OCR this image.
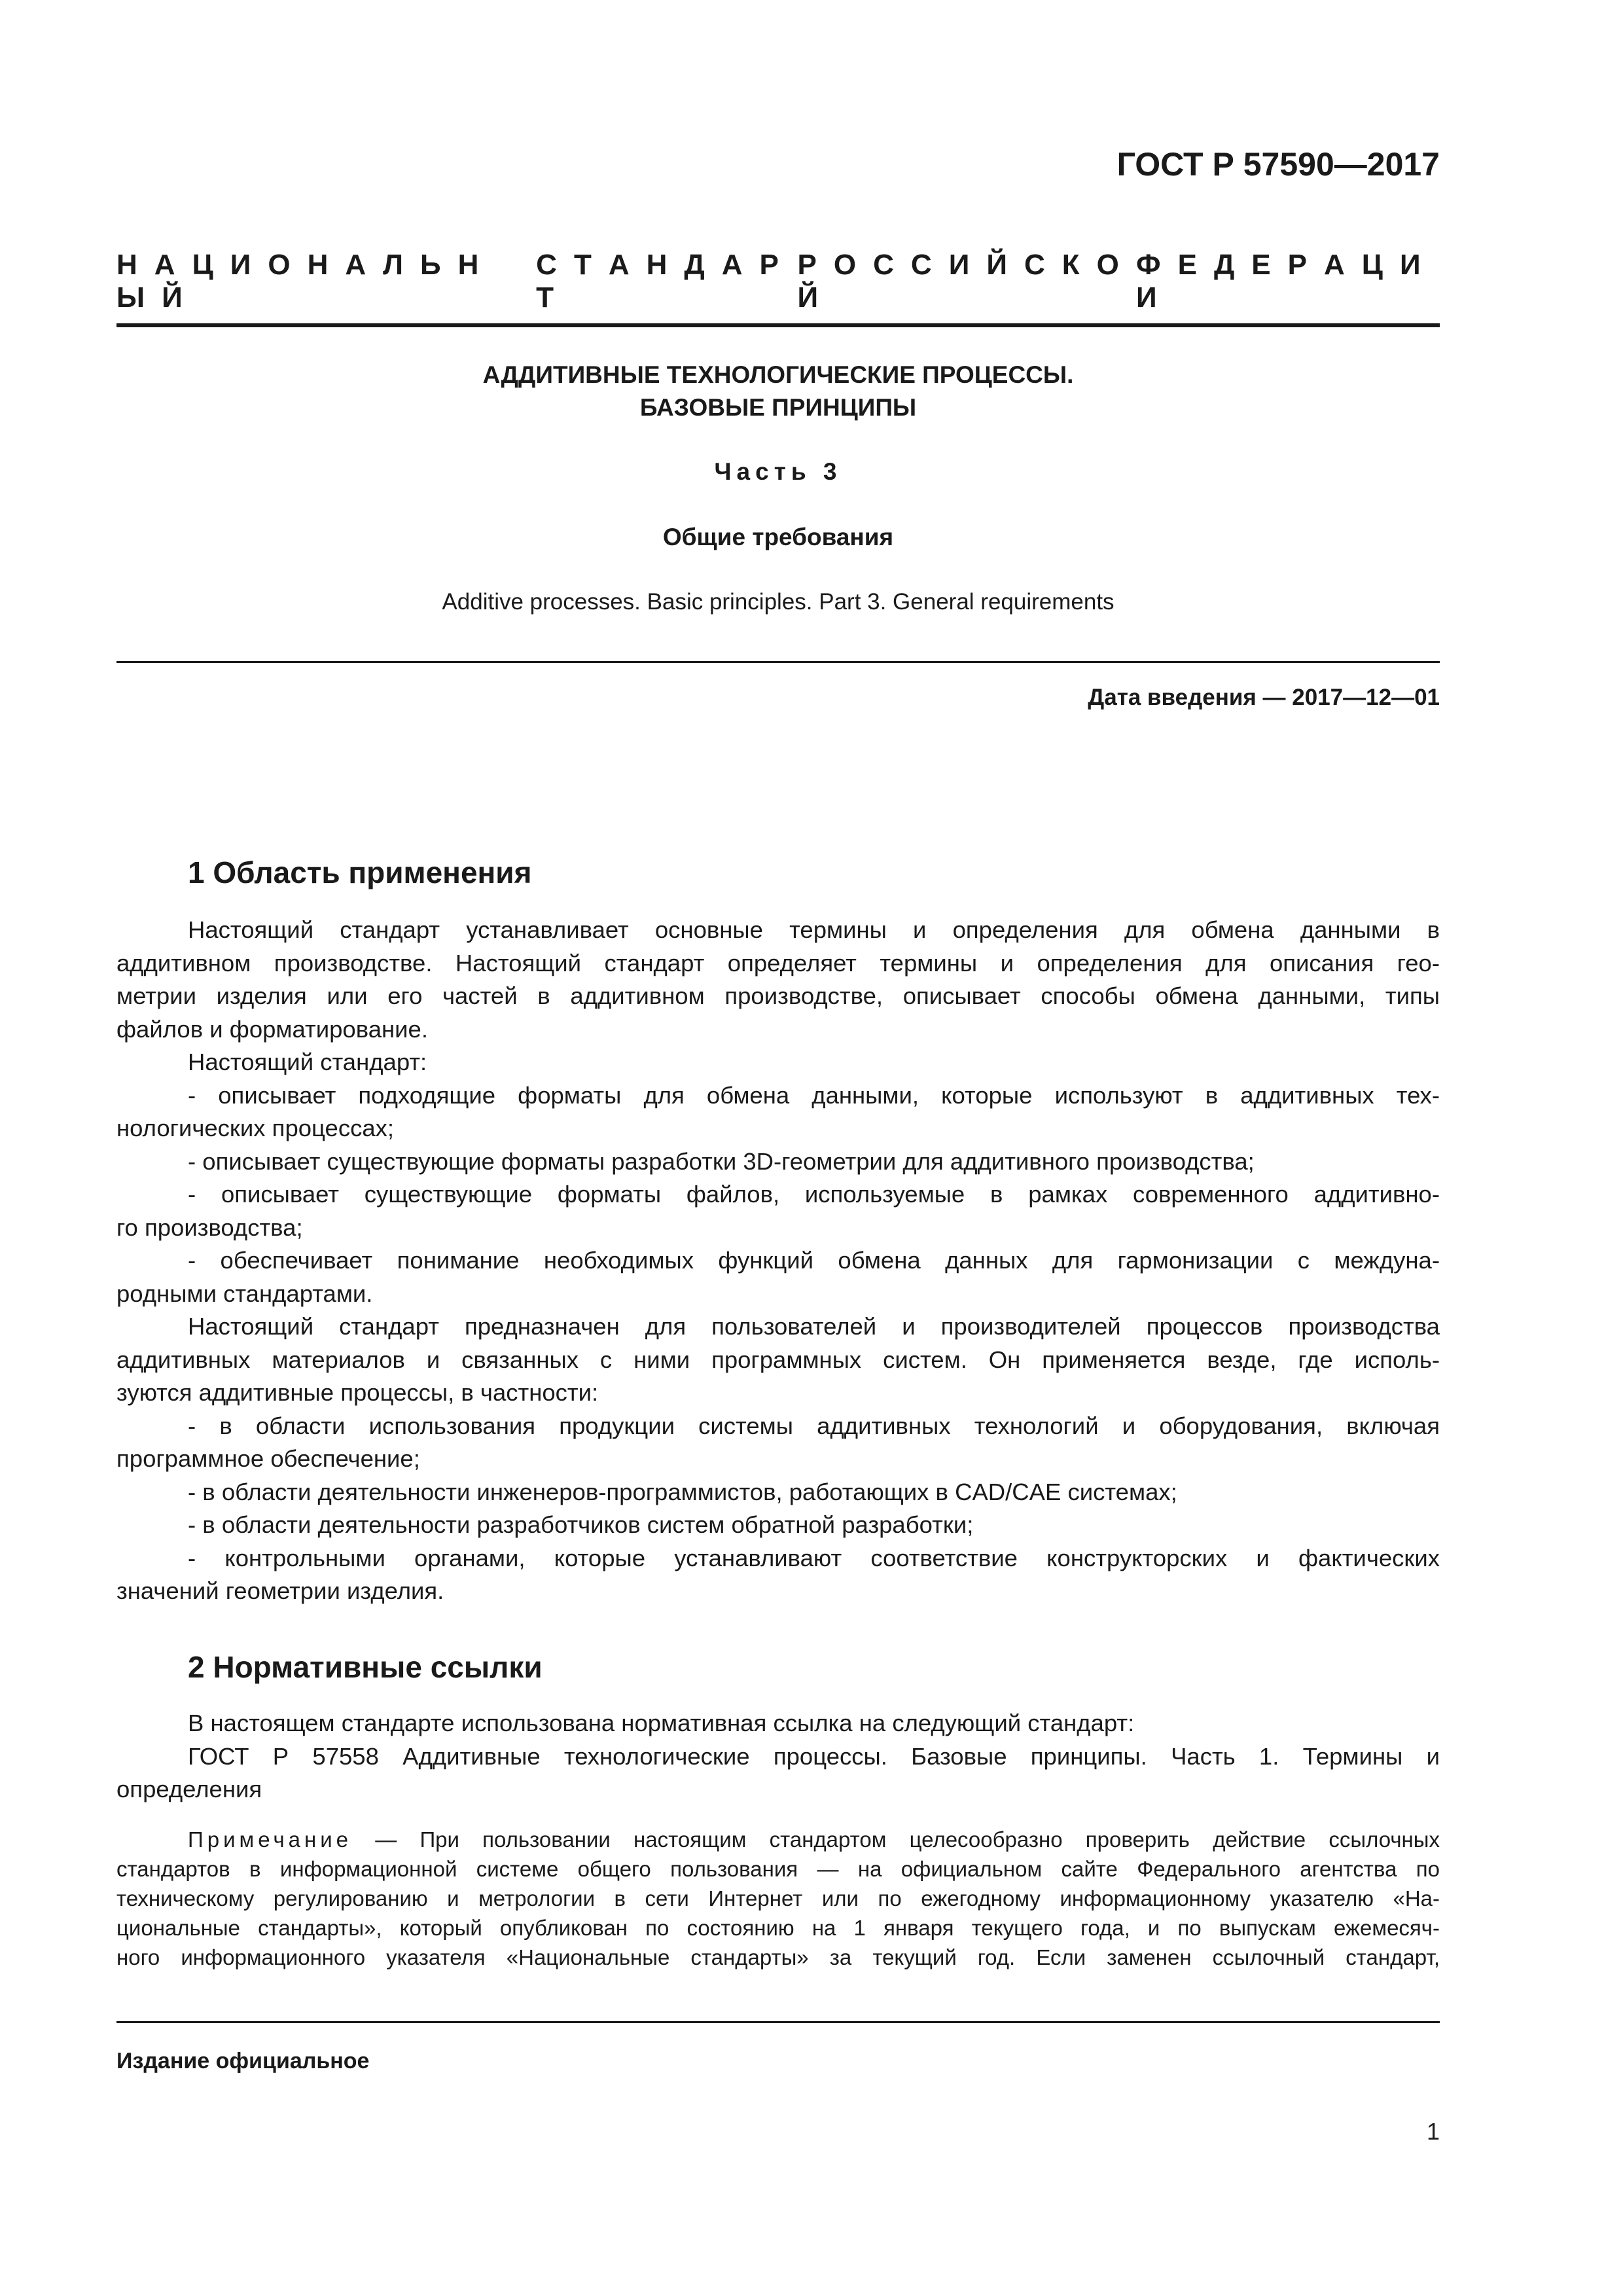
ГОСТ Р 57590—2017
Н А Ц И О Н А Л Ь НЫ Й
С Т А Н Д А РТ
Р О С С И Й С К ОЙ
Ф Е Д Е Р А Ц ИИ
АДДИТИВНЫЕ ТЕХНОЛОГИЧЕСКИЕ ПРОЦЕССЫ.
БАЗОВЫЕ ПРИНЦИПЫ
Часть 3
Общие требования
Additive processes. Basic principles. Part 3. General requirements
Дата введения — 2017—12—01
1 Область применения
Настоящий стандарт устанавливает основные термины и определения для обмена данными в
аддитивном производстве. Настоящий стандарт определяет термины и определения для описания гео-
метрии изделия или его частей в аддитивном производстве, описывает способы обмена данными, типы
файлов и форматирование.
Настоящий стандарт:
- описывает подходящие форматы для обмена данными, которые используют в аддитивных тех-
нологических процессах;
- описывает существующие форматы разработки 3D-геометрии для аддитивного производства;
- описывает существующие форматы файлов, используемые в рамках современного аддитивно-
го производства;
- обеспечивает понимание необходимых функций обмена данных для гармонизации с междуна-
родными стандартами.
Настоящий стандарт предназначен для пользователей и производителей процессов производства
аддитивных материалов и связанных с ними программных систем. Он применяется везде, где исполь-
зуются аддитивные процессы, в частности:
- в области использования продукции системы аддитивных технологий и оборудования, включая
программное обеспечение;
- в области деятельности инженеров-программистов, работающих в CAD/CAE системах;
- в области деятельности разработчиков систем обратной разработки;
- контрольными органами, которые устанавливают соответствие конструкторских и фактических
значений геометрии изделия.
2 Нормативные ссылки
В настоящем стандарте использована нормативная ссылка на следующий стандарт:
ГОСТ Р 57558 Аддитивные технологические процессы. Базовые принципы. Часть 1. Термины и
определения
Примечание — При пользовании настоящим стандартом целесообразно проверить действие ссылочных
стандартов в информационной системе общего пользования — на официальном сайте Федерального агентства по
техническому регулированию и метрологии в сети Интернет или по ежегодному информационному указателю «На-
циональные стандарты», который опубликован по состоянию на 1 января текущего года, и по выпускам ежемесяч-
ного информационного указателя «Национальные стандарты» за текущий год. Если заменен ссылочный стандарт,
Издание официальное
1
